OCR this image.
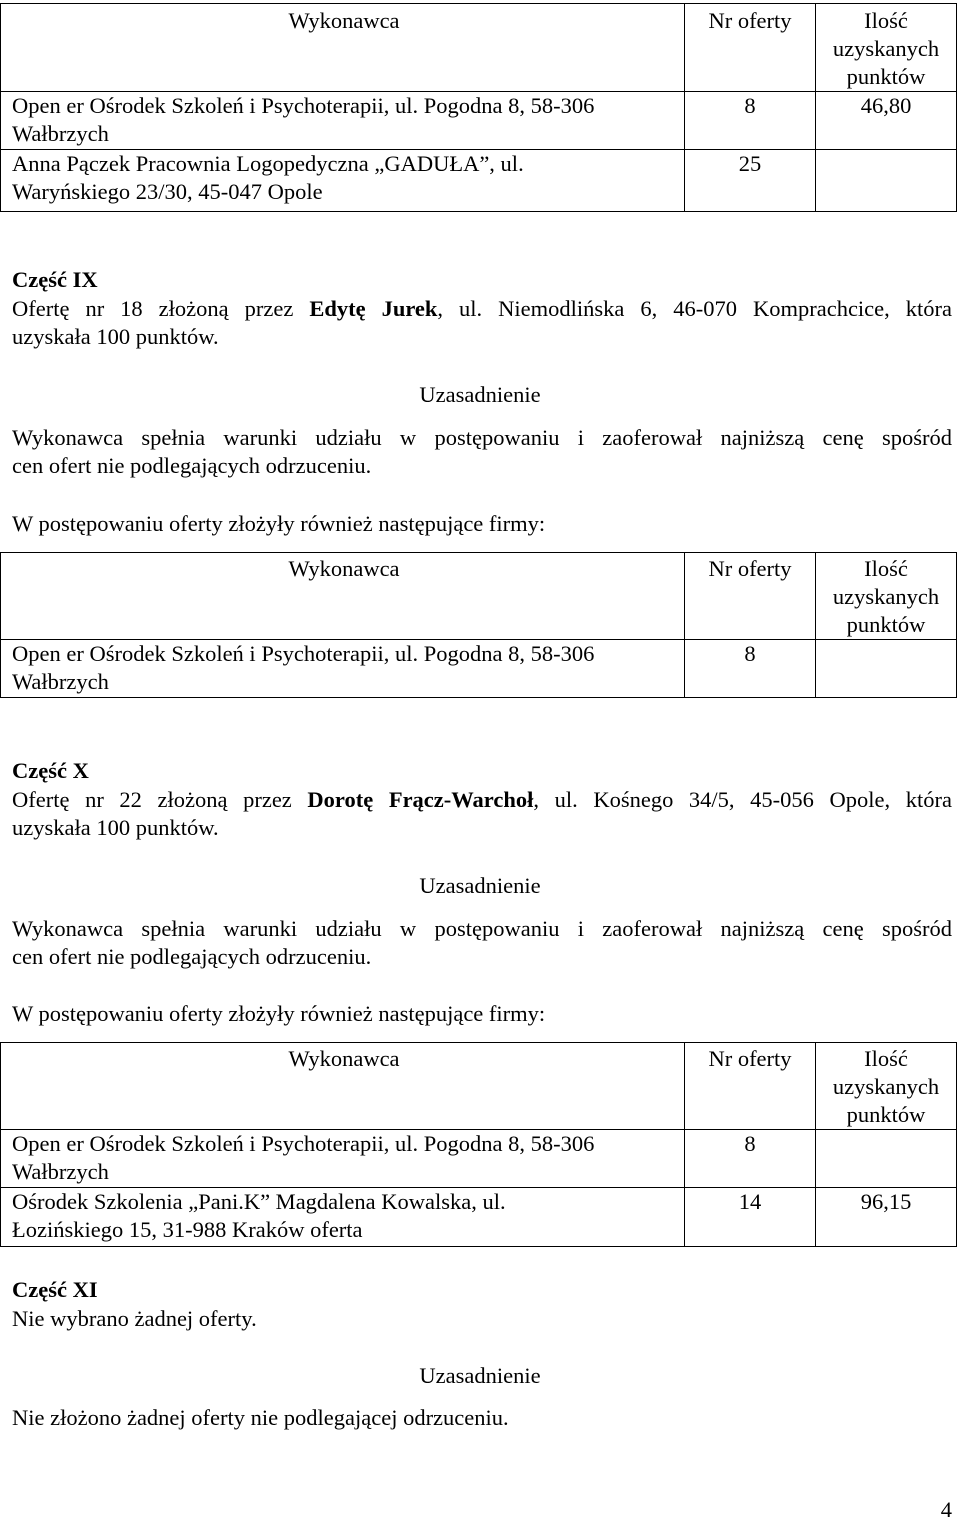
Wykonawca	Nr oferty	Ilość
uzyskanych
punktów

Open er Ośrodek Szkoleń i Psychoterapii, ul. Pogodna 8, 58-306
Wałbrzych	8	46,80

Anna Pączek Pracownia Logopedyczna „GADUŁA”, ul.
Waryńskiego 23/30, 45-047 Opole	25	
Część IX
Ofertę nr 18 złożoną przez Edytę Jurek, ul. Niemodlińska 6, 46-070 Komprachcice, która
uzyskała 100 punktów.
Uzasadnienie
Wykonawca spełnia warunki udziału w postępowaniu i zaoferował najniższą cenę spośród
cen ofert nie podlegających odrzuceniu.
W postępowaniu oferty złożyły również następujące firmy:
Wykonawca	Nr oferty	Ilość
uzyskanych
punktów

Open er Ośrodek Szkoleń i Psychoterapii, ul. Pogodna 8, 58-306
Wałbrzych	8	
Część X
Ofertę nr 22 złożoną przez Dorotę Frącz-Warchoł, ul. Kośnego 34/5, 45-056 Opole, która
uzyskała 100 punktów.
Uzasadnienie
Wykonawca spełnia warunki udziału w postępowaniu i zaoferował najniższą cenę spośród
cen ofert nie podlegających odrzuceniu.
W postępowaniu oferty złożyły również następujące firmy:
Wykonawca	Nr oferty	Ilość
uzyskanych
punktów

Open er Ośrodek Szkoleń i Psychoterapii, ul. Pogodna 8, 58-306
Wałbrzych	8	

Ośrodek Szkolenia „Pani.K” Magdalena Kowalska, ul.
Łozińskiego 15, 31-988 Kraków oferta	14	96,15
Część XI
Nie wybrano żadnej oferty.
Uzasadnienie
Nie złożono żadnej oferty nie podlegającej odrzuceniu.
4
